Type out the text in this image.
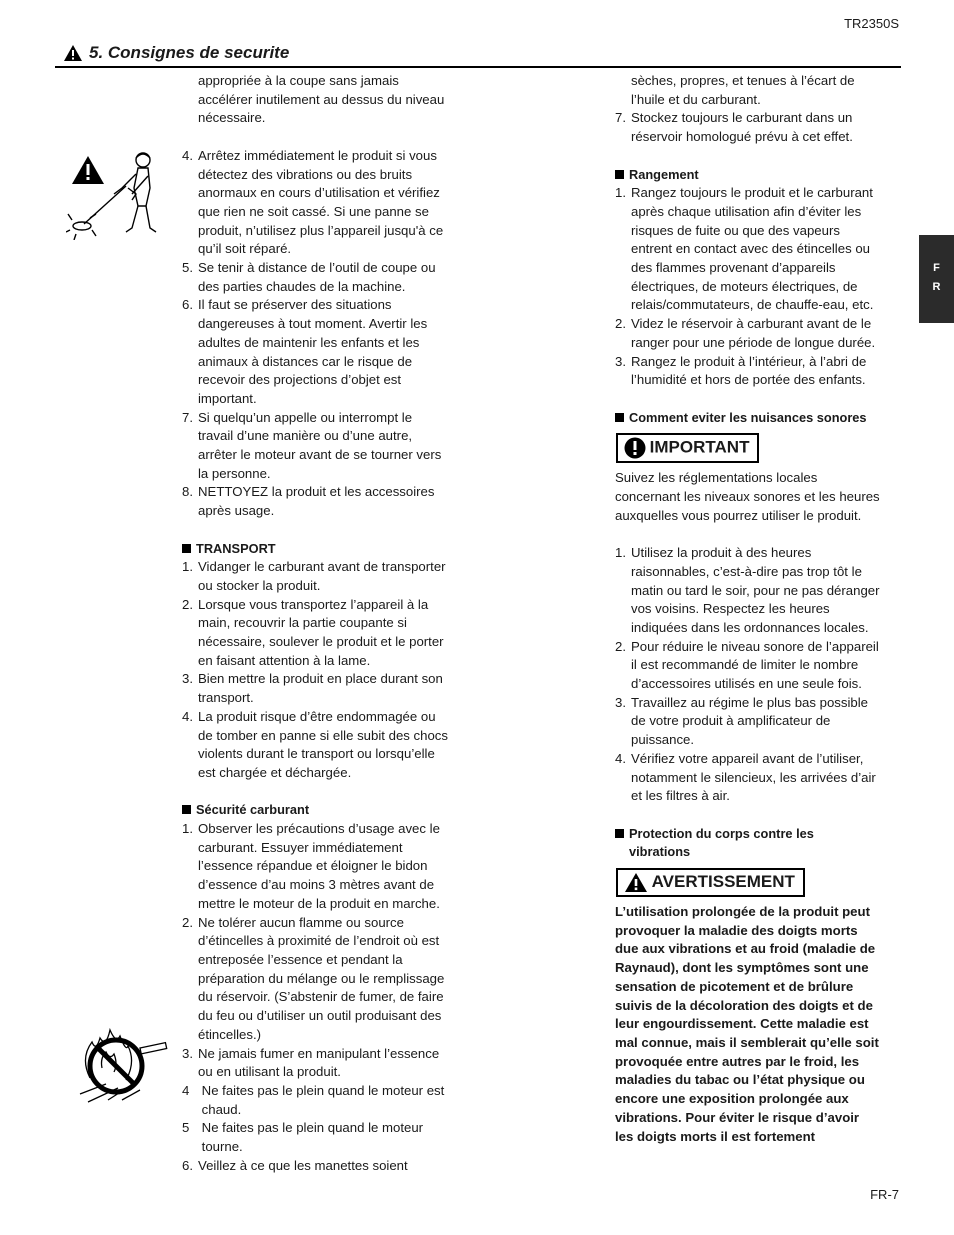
TR2350S
5. Consignes de securite
F
R

appropriée à la coupe sans jamais

accélérer inutilement au dessus du niveau

nécessaire.

4. Arrêtez immédiatement le produit si vous

détectez des vibrations ou des bruits

anormaux en cours d’utilisation et vérifiez

que rien ne soit cassé. Si une panne se

produit, n’utilisez plus l’appareil jusqu'à ce

qu’il soit réparé.

5. Se tenir à distance de l’outil de coupe ou

des parties chaudes de la machine.

6. Il faut se préserver des situations

dangereuses à tout moment. Avertir les

adultes de maintenir les enfants et les

animaux à distances car le risque de

recevoir des projections d’objet est

important.

7. Si quelqu’un appelle ou interrompt le

travail d’une manière ou d’une autre,

arrêter le moteur avant de se tourner vers

la personne.

8. NETTOYEZ la produit et les accessoires

après usage.

TRANSPORT

1. Vidanger le carburant avant de transporter

ou stocker la produit.

2. Lorsque vous transportez l’appareil à la

main, recouvrir la partie coupante si

nécessaire, soulever le produit et le porter

en faisant attention à la lame.

3. Bien mettre la produit en place durant son

transport.

4. La produit risque d’être endommagée ou

de tomber en panne si elle subit des chocs

violents durant le transport ou lorsqu’elle

est chargée et déchargée.

Sécurité carburant

1. Observer les précautions d’usage avec le

carburant. Essuyer immédiatement

l’essence répandue et éloigner le bidon

d’essence d’au moins 3 mètres avant de

mettre le moteur de la produit en marche.

2. Ne tolérer aucun flamme ou source

d’étincelles à proximité de l’endroit où est

entreposée l’essence et pendant la

préparation du mélange ou le remplissage

du réservoir. (S’abstenir de fumer, de faire

du feu ou d’utiliser un outil produisant des

étincelles.)

3. Ne jamais fumer en manipulant l’essence

ou en utilisant la produit.

4 Ne faites pas le plein quand le moteur est

chaud.

5 Ne faites pas le plein quand le moteur

tourne.

6. Veillez à ce que les manettes soient

sèches, propres, et tenues à l’écart de

l’huile et du carburant.

7. Stockez toujours le carburant dans un

réservoir homologué prévu à cet effet.

Rangement

1. Rangez toujours le produit et le carburant

après chaque utilisation afin d’éviter les

risques de fuite ou que des vapeurs

entrent en contact avec des étincelles ou

des flammes provenant d’appareils

électriques, de moteurs électriques, de

relais/commutateurs, de chauffe-eau, etc.

2. Videz le réservoir à carburant avant de le

ranger pour une période de longue durée.

3. Rangez le produit à l’intérieur, à l’abri de

l’humidité et hors de portée des enfants.

Comment eviter les nuisances sonores

IMPORTANT

Suivez les réglementations locales

concernant les niveaux sonores et les heures

auxquelles vous pourrez utiliser le produit.

1. Utilisez la produit à des heures

raisonnables, c’est-à-dire pas trop tôt le

matin ou tard le soir, pour ne pas déranger

vos voisins. Respectez les heures

indiquées dans les ordonnances locales.

2. Pour réduire le niveau sonore de l’appareil

il est recommandé de limiter le nombre

d’accessoires utilisés en une seule fois.

3. Travaillez au régime le plus bas possible

de votre produit à amplificateur de

puissance.

4. Vérifiez votre appareil avant de l’utiliser,

notamment le silencieux, les arrivées d’air

et les filtres à air.

Protection du corps contre les

vibrations

AVERTISSEMENT

L’utilisation prolongée de la produit peut

provoquer la maladie des doigts morts

due aux vibrations et au froid (maladie de

Raynaud), dont les symptômes sont une

sensation de picotement et de brûlure

suivis de la décoloration des doigts et de

leur engourdissement. Cette maladie est

mal connue, mais il semblerait qu’elle soit

provoquée entre autres par le froid, les

maladies du tabac ou l’état physique ou

encore une exposition prolongée aux

vibrations. Pour éviter le risque d’avoir

les doigts morts il est fortement

FR-7
